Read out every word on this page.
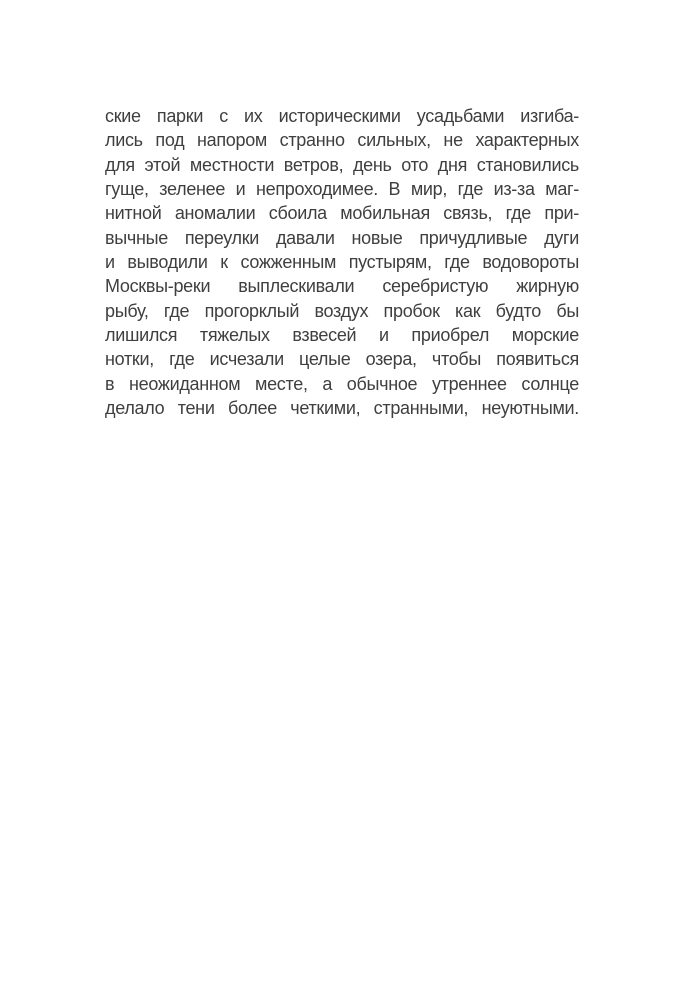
ские парки с их историческими усадьбами изгиба-
лись под напором странно сильных, не характерных
для этой местности ветров, день ото дня становились
гуще, зеленее и непроходимее. В мир, где из-за маг-
нитной аномалии сбоила мобильная связь, где при-
вычные переулки давали новые причудливые дуги
и выводили к сожженным пустырям, где водовороты
Москвы-реки выплескивали серебристую жирную
рыбу, где прогорклый воздух пробок как будто бы
лишился тяжелых взвесей и приобрел морские
нотки, где исчезали целые озера, чтобы появиться
в неожиданном месте, а обычное утреннее солнце
делало тени более четкими, странными, неуютными.
